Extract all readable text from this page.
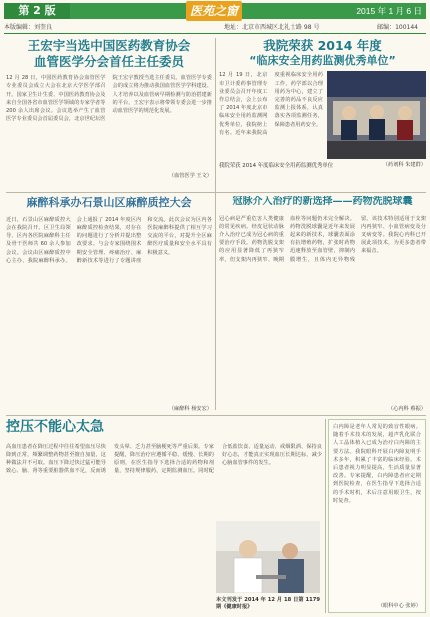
第 2 版	医苑之窗	2015 年 1 月 6 日
本版编辑：刘奎良	地址：北京市西城区北礼士路 98 号	邮编：100144
王宏宇当选中国医药教育协会
血管医学分会首任主任委员
12 月 28 日，中国医药教育协会血管医学专业委员会成立大会在北京大学医学部召开。国家卫生计生委、中国医药教育协会及来自全国各省市血管医学领域的专家学者等 200 余人出席会议。会议选举产生了血管医学专业委员会首届委员会，北京世纪坛医院王宏宇教授当选主任委员。血管医学专委会的成立将为推动我国血管医学学科建设、人才培养以及血管病早期检测与防治搭建新的平台，王宏宇表示将带领专委会进一步推动血管医学的规范化发展。
（血管医学 王文）
我院荣获 2014 年度
“临床安全用药监测优秀单位”
12 月 19 日，北京市卫计委药事管理专业委员会召开年度工作总结会，会上公布了 2014 年度北京市临床安全用药监测网优秀单位，我院榜上有名。近年来我院高度重视临床安全用药工作，药学部以合理用药为中心，建立了完善的药品不良反应监测上报体系，认真落实各项监测任务，保障患者用药安全。
我院荣获 2014 年度临床安全用药监测优秀单位	（药剂科 朱建群）
麻醉科承办石景山区麻醉质控大会
近日，石景山区麻醉质控大会在我院召开。区卫生局领导、区内各医院麻醉科主任及骨干医师共 60 余人参加会议。会议由区麻醉质控中心主办、我院麻醉科承办。会上通报了 2014 年度区内麻醉质控检查结果，对存在的问题进行了分析并提出整改要求。与会专家围绕围术期安全管理、疼痛治疗、麻醉新技术等进行了专题讲座和交流。此次会议为区内各医院麻醉科提供了相互学习交流的平台，对提升全区麻醉医疗质量和安全水平具有积极意义。
（麻醉科 杨安宏）
冠脉介入治疗的新选择——药物洗脱球囊
冠心病是严重危害人类健康的常见疾病。经皮冠状动脉介入治疗已成为冠心病的重要治疗手段。药物洗脱支架的应用显著降低了再狭窄率，但支架内再狭窄、晚期血栓等问题仍未完全解决。药物洗脱球囊是近年来发展起来的新技术，球囊表面涂有抗增殖药物，扩张时药物迅速释放至血管壁，抑制内膜增生，且体内无异物残留。该技术特别适用于支架内再狭窄、小血管病变及分叉病变等。我院心内科已开展此项技术，为更多患者带来福音。
（心内科 蔡振）
控压不能心太急
高血压患者在降压过程中往往希望血压尽快降到正常，频繁调整药物甚至擅自加量，这种做法并不可取。血压下降过快过猛可能导致心、脑、肾等重要脏器供血不足，反而诱发头晕、乏力甚至脑梗死等严重后果。专家提醒，降压治疗应遵循平稳、缓慢、长期的原则，在医生指导下选择合适的药物和剂量，坚持规律服药，定期监测血压。同时配合低盐饮食、适量运动、戒烟限酒、保持良好心态，才能真正实现血压长期达标，减少心脑血管事件的发生。
本文刊发于 2014 年 12 月 18 日第 1179 期《健康时报》
白内障是老年人常见的致盲性眼病。随着手术技术的发展，超声乳化联合人工晶体植入已成为治疗白内障的主要方法。我院眼科开展白内障复明手术多年，积累了丰富的临床经验。术后患者视力明显提高，生活质量显著改善。专家提醒，白内障患者应定期到医院检查，在医生指导下选择合适的手术时机，术后注意用眼卫生，按时复查。
（眼科中心 张婷）
